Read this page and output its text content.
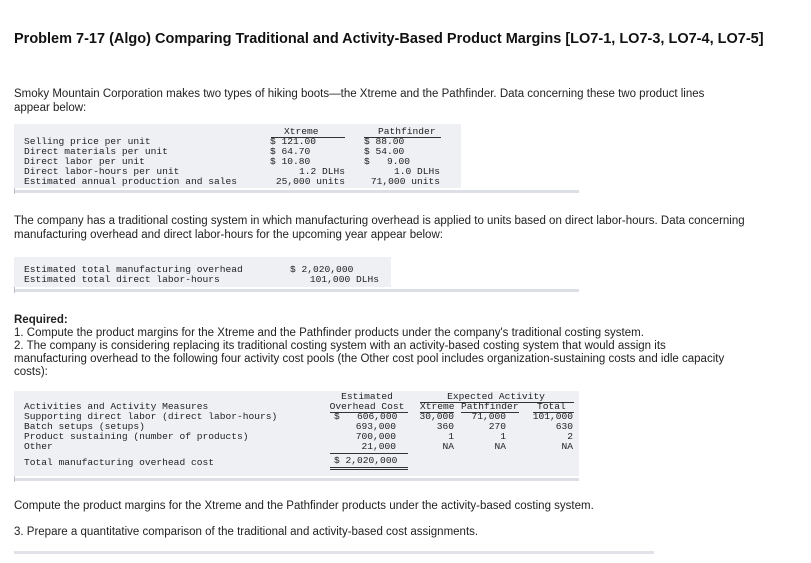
Problem 7-17 (Algo) Comparing Traditional and Activity-Based Product Margins [LO7-1, LO7-3, LO7-4, LO7-5]
Smoky Mountain Corporation makes two types of hiking boots—the Xtreme and the Pathfinder. Data concerning these two product lines appear below:
Xtreme	Pathfinder
Selling price per unit
Direct materials per unit
Direct labor per unit
Direct labor-hours per unit
Estimated annual production and sales
$ 121.00
$ 64.70
$ 10.80
1.2 DLHs
25,000 units
$ 88.00
$ 54.00
$   9.00
1.0 DLHs
71,000 units
The company has a traditional costing system in which manufacturing overhead is applied to units based on direct labor-hours. Data concerning manufacturing overhead and direct labor-hours for the upcoming year appear below:
Estimated total manufacturing overhead
Estimated total direct labor-hours
$ 2,020,000
101,000 DLHs
Required:
1. Compute the product margins for the Xtreme and the Pathfinder products under the company's traditional costing system.
2. The company is considering replacing its traditional costing system with an activity-based costing system that would assign its manufacturing overhead to the following four activity cost pools (the Other cost pool includes organization-sustaining costs and idle capacity costs):
Estimated
Overhead Cost
Expected Activity
Xtreme Pathfinder Total
Activities and Activity Measures
Supporting direct labor (direct labor-hours)
Batch setups (setups)
Product sustaining (number of products)
Other
Total manufacturing overhead cost
$   606,000
693,000
700,000
21,000
$ 2,020,000
30,000
360
1
NA
71,000
270
1
NA
101,000
630
2
NA
Compute the product margins for the Xtreme and the Pathfinder products under the activity-based costing system.
3. Prepare a quantitative comparison of the traditional and activity-based cost assignments.
